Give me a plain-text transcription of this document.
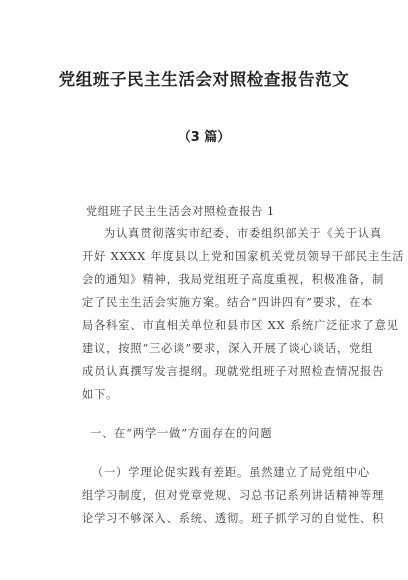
党组班子民主生活会对照检查报告范文
（3 篇）
党组班子民主生活会对照检查报告 1
为认真贯彻落实市纪委、市委组织部关于《关于认真
开好 XXXX 年度县以上党和国家机关党员领导干部民主生活
会的通知》精神，我局党组班子高度重视，积极准备，制
定了民主生活会实施方案。结合“四讲四有”要求，在本
局各科室、市直相关单位和县市区 XX 系统广泛征求了意见
建议，按照“三必谈”要求，深入开展了谈心谈话，党组
成员认真撰写发言提纲。现就党组班子对照检查情况报告
如下。
一、在“两学一做”方面存在的问题
（一）学理论促实践有差距。虽然建立了局党组中心
组学习制度，但对党章党规、习总书记系列讲话精神等理
论学习不够深入、系统、透彻。班子抓学习的自觉性、积
